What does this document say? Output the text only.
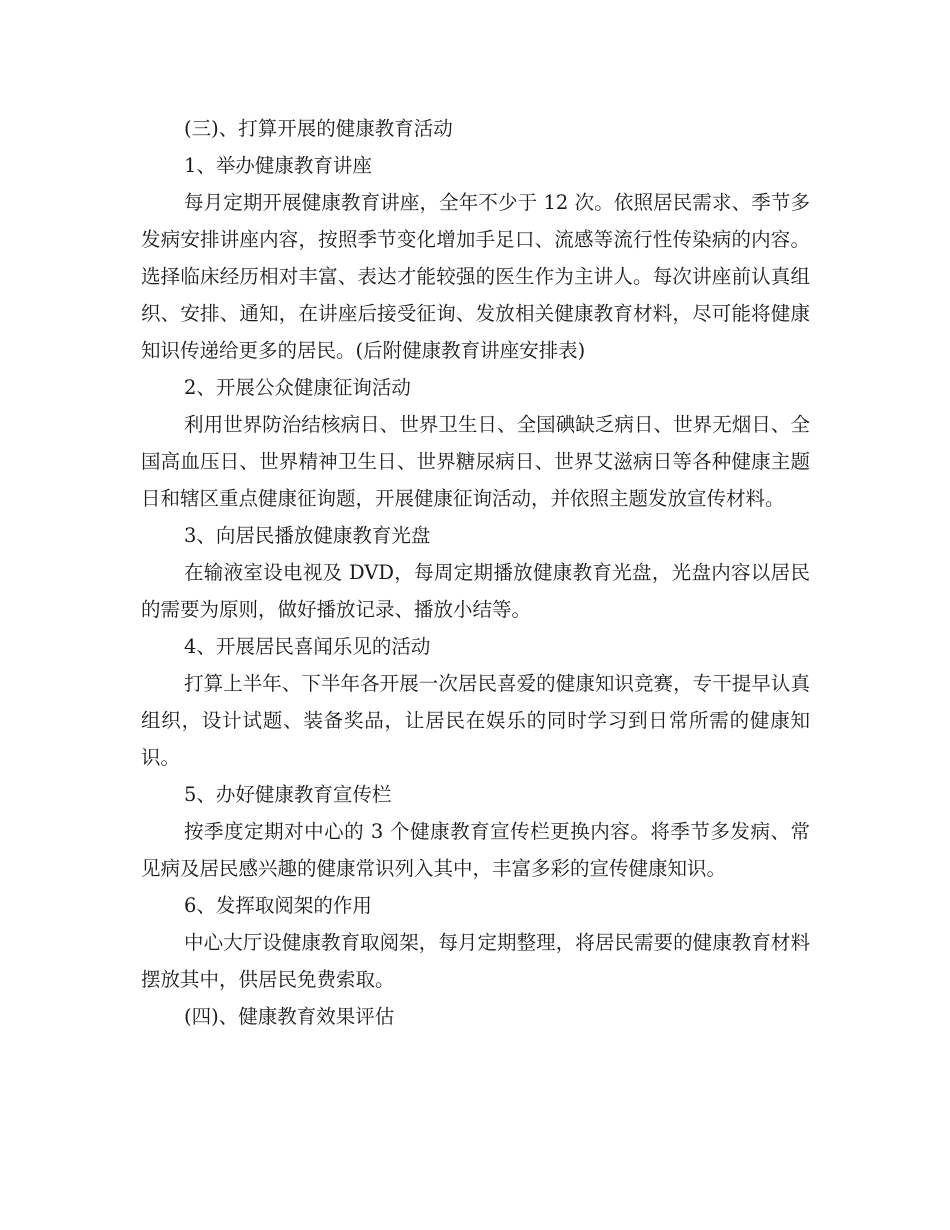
(三)、打算开展的健康教育活动

1、举办健康教育讲座

每月定期开展健康教育讲座，全年不少于 12 次。依照居民需求、季节多发病安排讲座内容，按照季节变化增加手足口、流感等流行性传染病的内容。选择临床经历相对丰富、表达才能较强的医生作为主讲人。每次讲座前认真组织、安排、通知，在讲座后接受征询、发放相关健康教育材料，尽可能将健康知识传递给更多的居民。(后附健康教育讲座安排表)

2、开展公众健康征询活动

利用世界防治结核病日、世界卫生日、全国碘缺乏病日、世界无烟日、全国高血压日、世界精神卫生日、世界糖尿病日、世界艾滋病日等各种健康主题日和辖区重点健康征询题，开展健康征询活动，并依照主题发放宣传材料。

3、向居民播放健康教育光盘

在输液室设电视及 DVD，每周定期播放健康教育光盘，光盘内容以居民的需要为原则，做好播放记录、播放小结等。

4、开展居民喜闻乐见的活动

打算上半年、下半年各开展一次居民喜爱的健康知识竞赛，专干提早认真组织，设计试题、装备奖品，让居民在娱乐的同时学习到日常所需的健康知识。

5、办好健康教育宣传栏

按季度定期对中心的 3 个健康教育宣传栏更换内容。将季节多发病、常见病及居民感兴趣的健康常识列入其中，丰富多彩的宣传健康知识。

6、发挥取阅架的作用

中心大厅设健康教育取阅架，每月定期整理，将居民需要的健康教育材料摆放其中，供居民免费索取。

(四)、健康教育效果评估
